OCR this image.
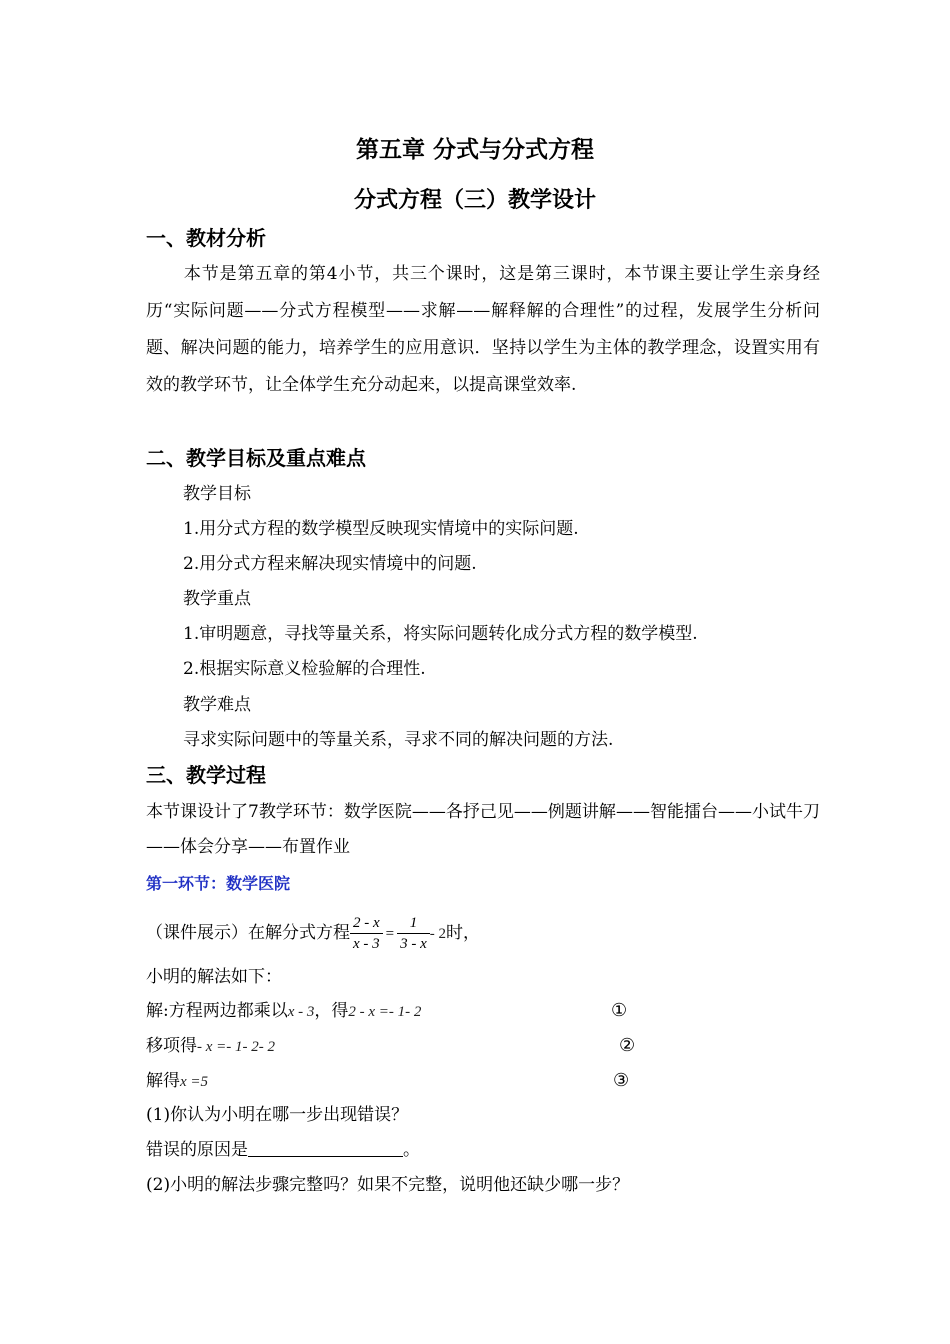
第五章 分式与分式方程
分式方程（三）教学设计
一、教材分析
本节是第五章的第4小节，共三个课时，这是第三课时，本节课主要让学生亲身经历“实际问题——分式方程模型——求解——解释解的合理性”的过程，发展学生分析问题、解决问题的能力，培养学生的应用意识．坚持以学生为主体的教学理念，设置实用有效的教学环节，让全体学生充分动起来，以提高课堂效率.
二、教学目标及重点难点
教学目标
1.用分式方程的数学模型反映现实情境中的实际问题.
2.用分式方程来解决现实情境中的问题.
教学重点
1.审明题意，寻找等量关系，将实际问题转化成分式方程的数学模型.
2.根据实际意义检验解的合理性.
教学难点
寻求实际问题中的等量关系，寻求不同的解决问题的方法.
三、教学过程
本节课设计了7教学环节：数学医院——各抒己见——例题讲解——智能擂台——小试牛刀——体会分享——布置作业
第一环节：数学医院
（课件展示）在解分式方程 $\frac{2 - x}{x - 3} = \frac{1}{3 - x} - 2$时，
小明的解法如下：
解:方程两边都乘以x - 3，得2 - x =- 1- 2	①
移项得- x =- 1- 2- 2	②
解得x =5	③
(1)你认为小明在哪一步出现错误？
错误的原因是	。
(2)小明的解法步骤完整吗？如果不完整，说明他还缺少哪一步？
